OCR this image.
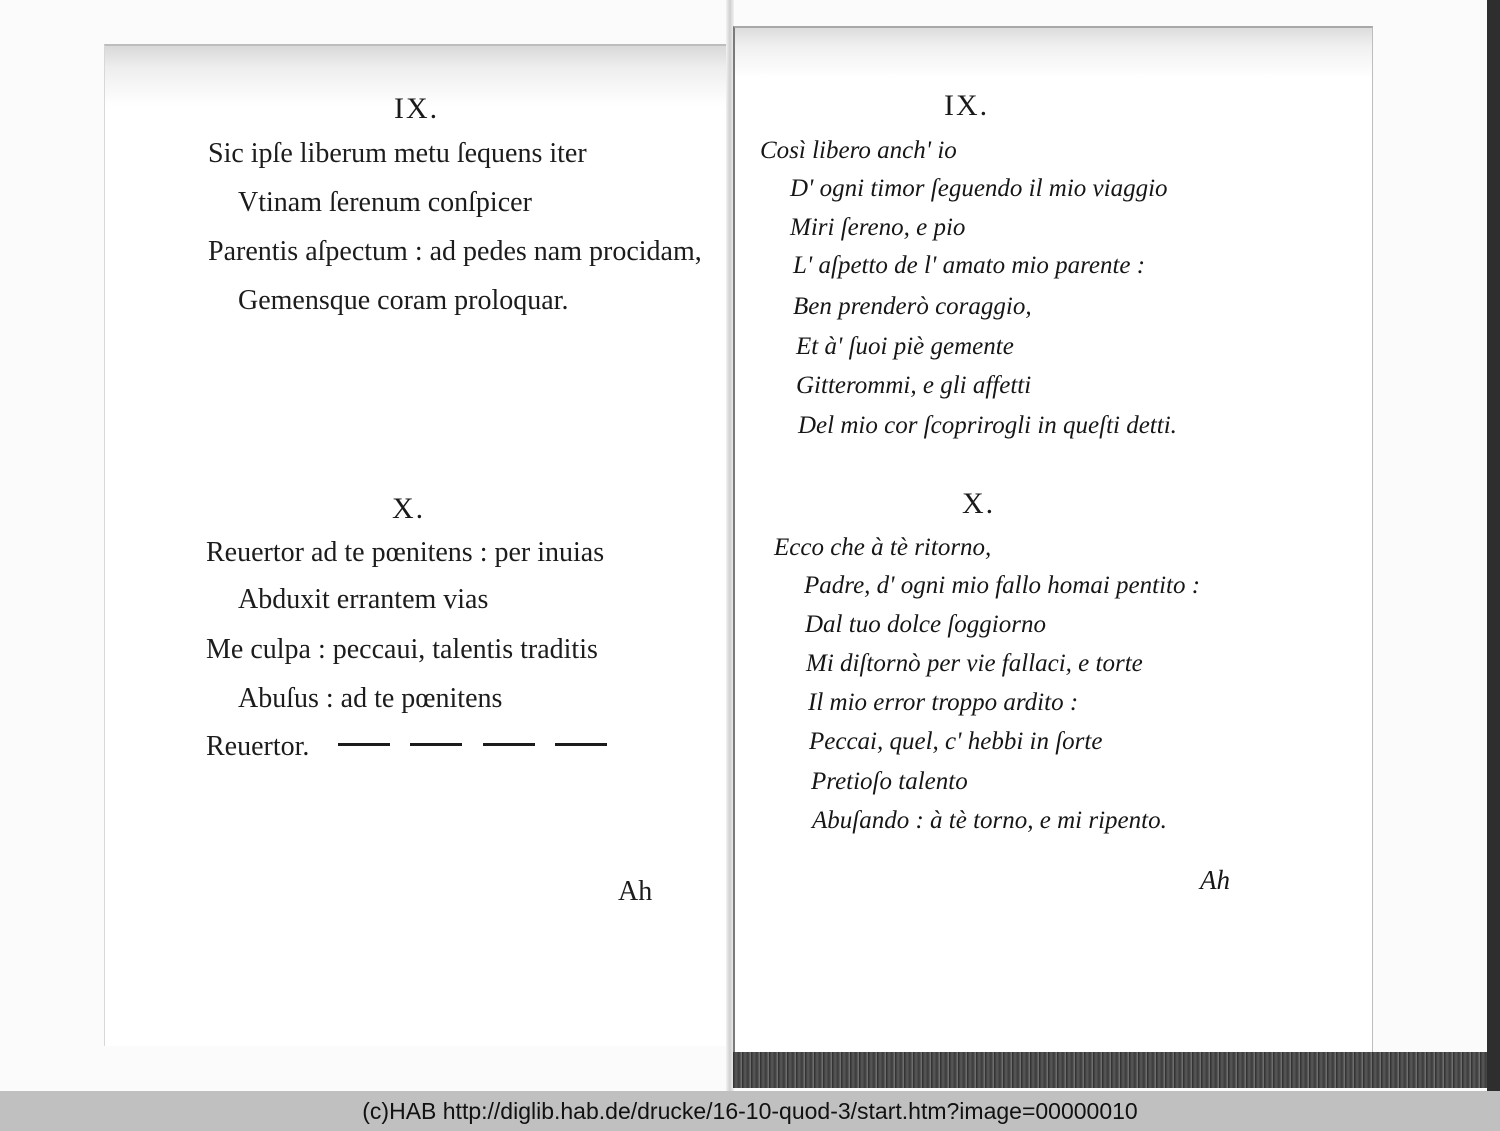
IX.
Sic ipſe liberum metu ſequens iter
Vtinam ſerenum conſpicer
Parentis aſpectum : ad pedes nam procidam,
Gemensque coram proloquar.
X.
Reuertor ad te pœnitens : per inuias
Abduxit errantem vias
Me culpa : peccaui, talentis traditis
Abuſus : ad te pœnitens
Reuertor.
Ah
IX.
Così libero anch' io
D' ogni timor ſeguendo il mio viaggio
Miri ſereno, e pio
L' aſpetto de l' amato mio parente :
Ben prenderò coraggio,
Et à' ſuoi piè gemente
Gitterommi, e gli affetti
Del mio cor ſcoprirogli in queſti detti.
X.
Ecco che à tè ritorno,
Padre, d' ogni mio fallo homai pentito :
Dal tuo dolce ſoggiorno
Mi diſtornò per vie fallaci, e torte
Il mio error troppo ardito :
Peccai, quel, c' hebbi in ſorte
Pretioſo talento
Abuſando : à tè torno, e mi ripento.
Ah
(c)HAB http://diglib.hab.de/drucke/16-10-quod-3/start.htm?image=00000010
